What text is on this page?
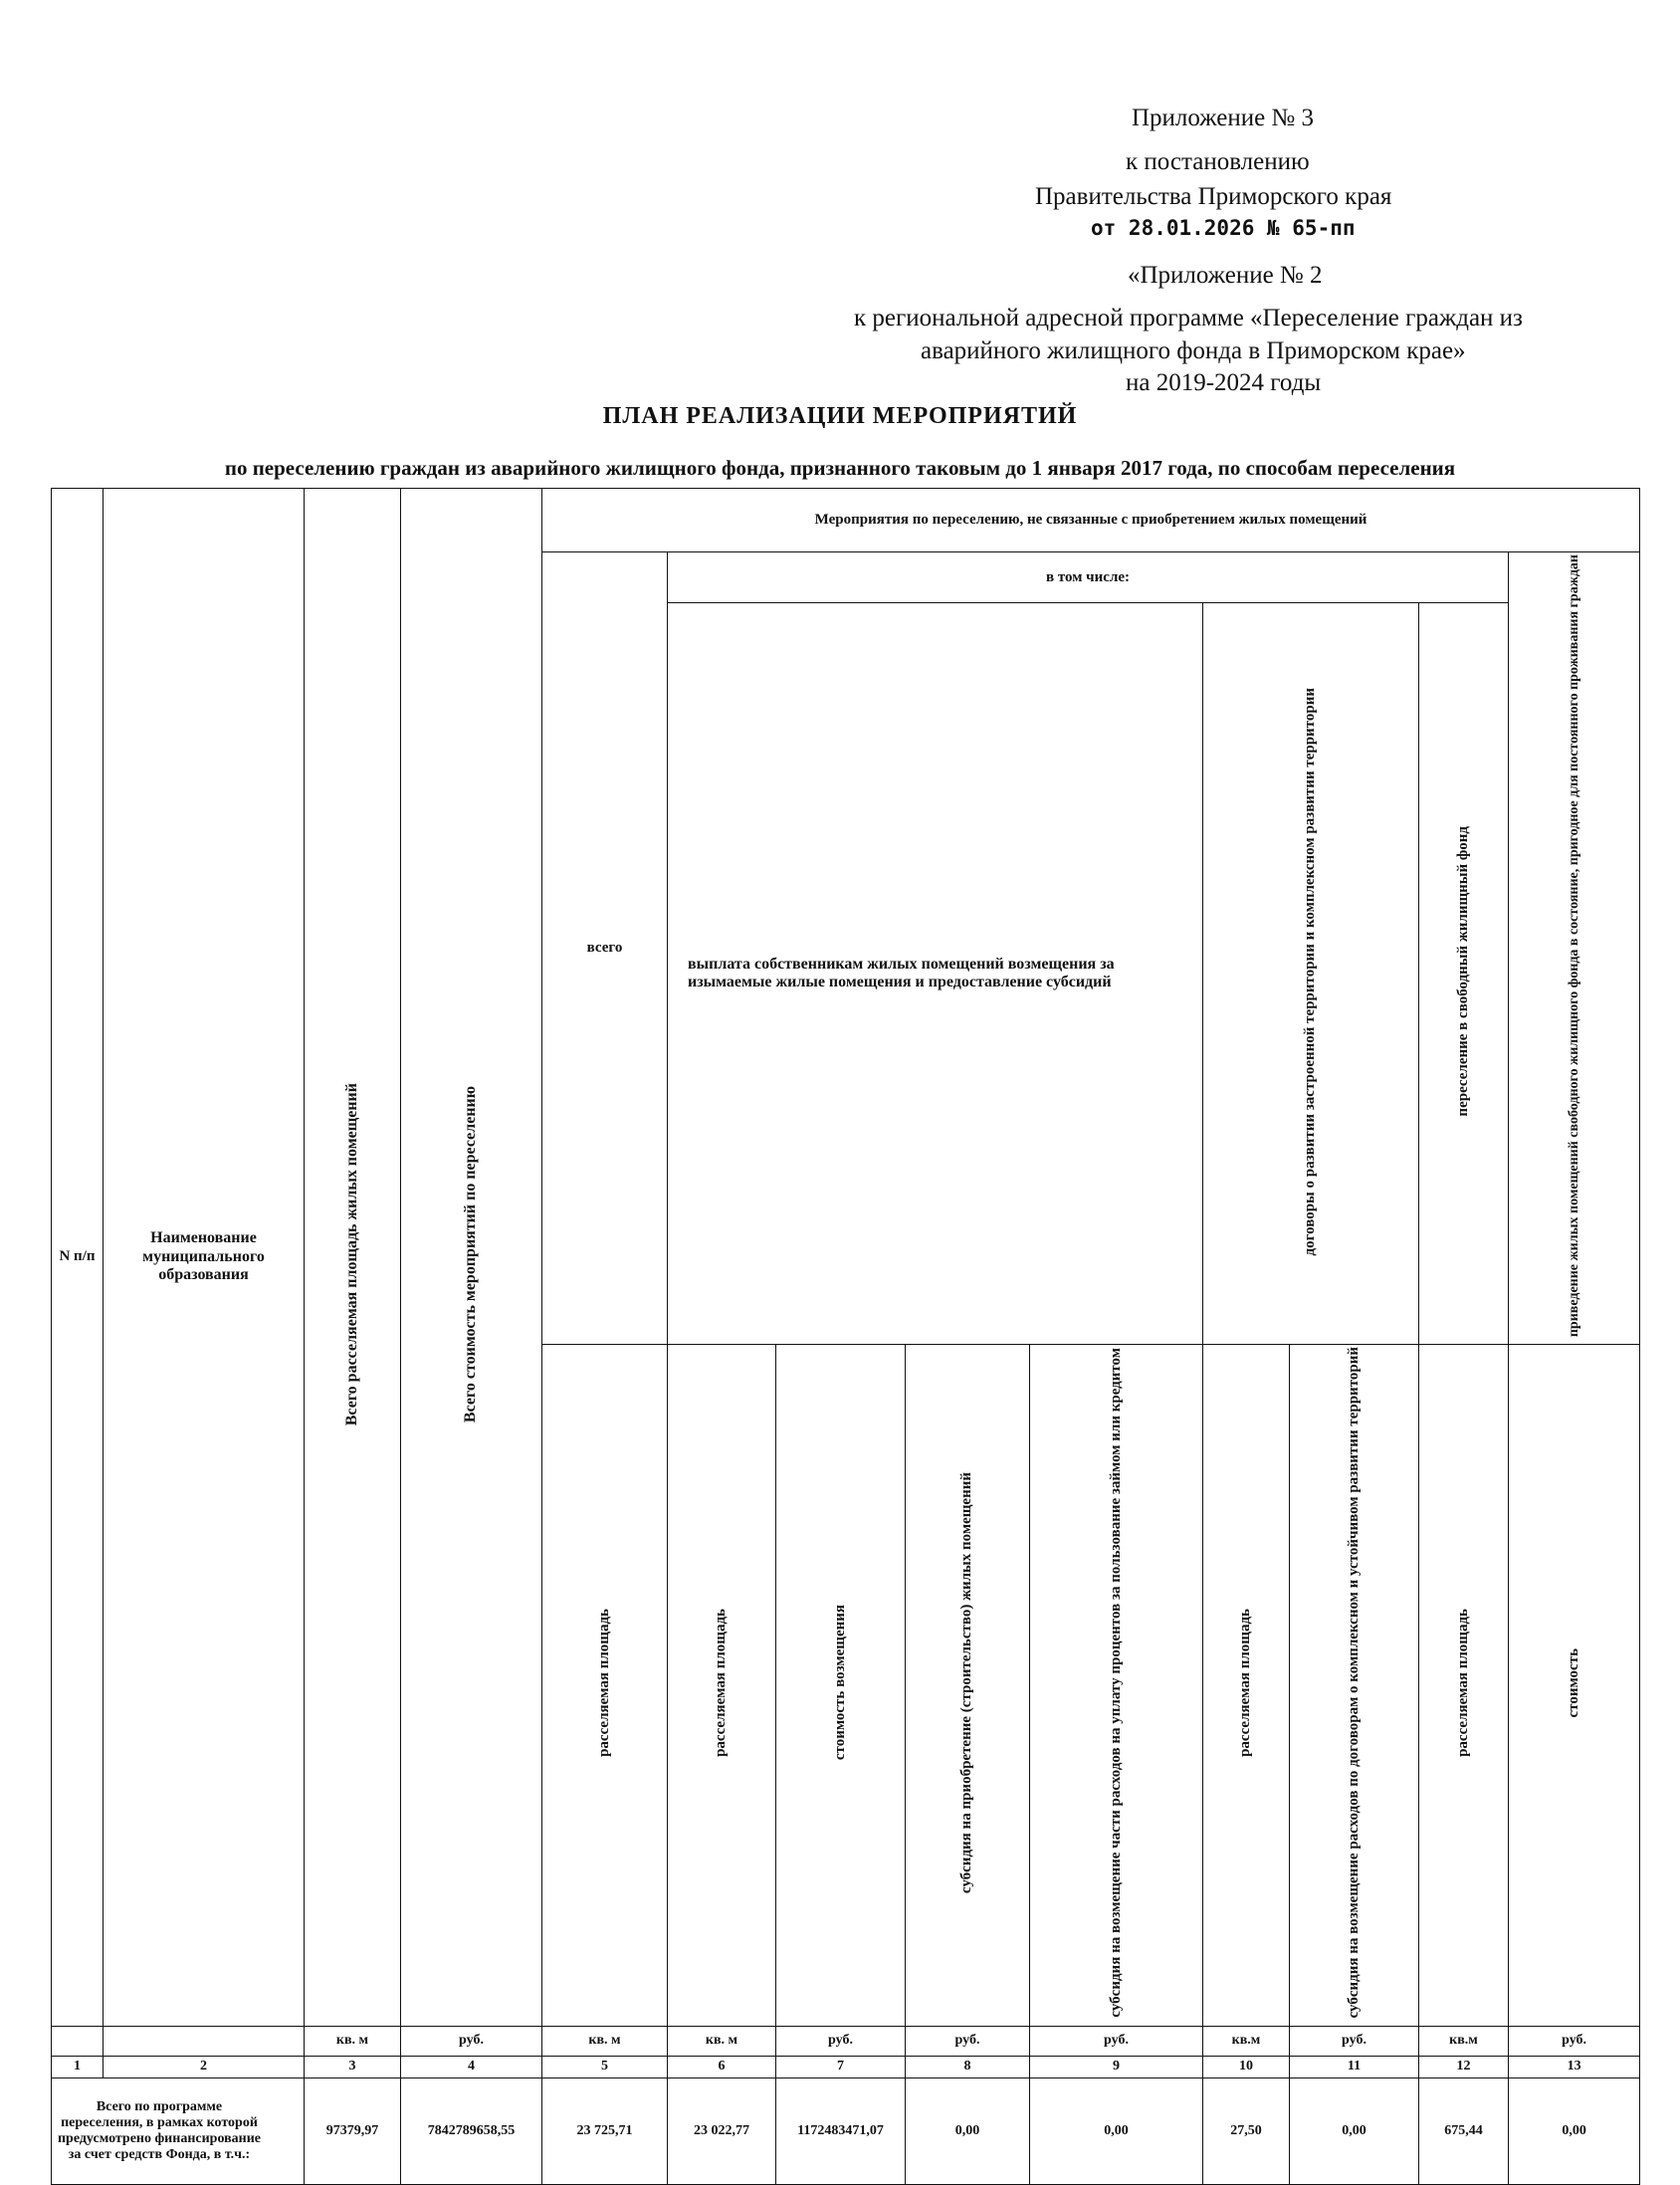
Приложение № 3
к постановлению
Правительства Приморского края
от 28.01.2026 № 65-пп
«Приложение № 2
к региональной адресной программе «Переселение граждан из
аварийного жилищного фонда в Приморском крае»
на 2019-2024 годы
ПЛАН РЕАЛИЗАЦИИ МЕРОПРИЯТИЙ
по переселению граждан из аварийного жилищного фонда, признанного таковым до 1 января 2017 года, по способам переселения
N п/п	Наименование муниципального образования	Всего расселяемая площадь жилых помещений	Всего стоимость мероприятий по переселению	Мероприятия по переселению, не связанные с приобретением жилых помещений								
				всего	в том числе:							приведение жилых помещений свободного жилищного фонда в состояние, пригодное для постоянного проживания граждан
					выплата собственникам жилых помещений возмещения за изымаемые жилые помещения и предоставление субсидий				договоры о развитии застроенной территории и комплексном развитии территории		переселение в свободный жилищный фонд	
				расселяемая площадь	расселяемая площадь	стоимость возмещения	субсидия на приобретение (строительство) жилых помещений	субсидия на возмещение части расходов на уплату процентов за пользование займом или кредитом	расселяемая площадь	субсидия на возмещение расходов по договорам о комплексном и устойчивом развитии территорий	расселяемая площадь	стоимость
		кв. м	руб.	кв. м	кв. м	руб.	руб.	руб.	кв.м	руб.	кв.м	руб.
1	2	3	4	5	6	7	8	9	10	11	12	13
Всего по программе переселения, в рамках которой предусмотрено финансирование за счет средств Фонда, в т.ч.:		97379,97	7842789658,55	23 725,71	23 022,77	1172483471,07	0,00	0,00	27,50	0,00	675,44	0,00
